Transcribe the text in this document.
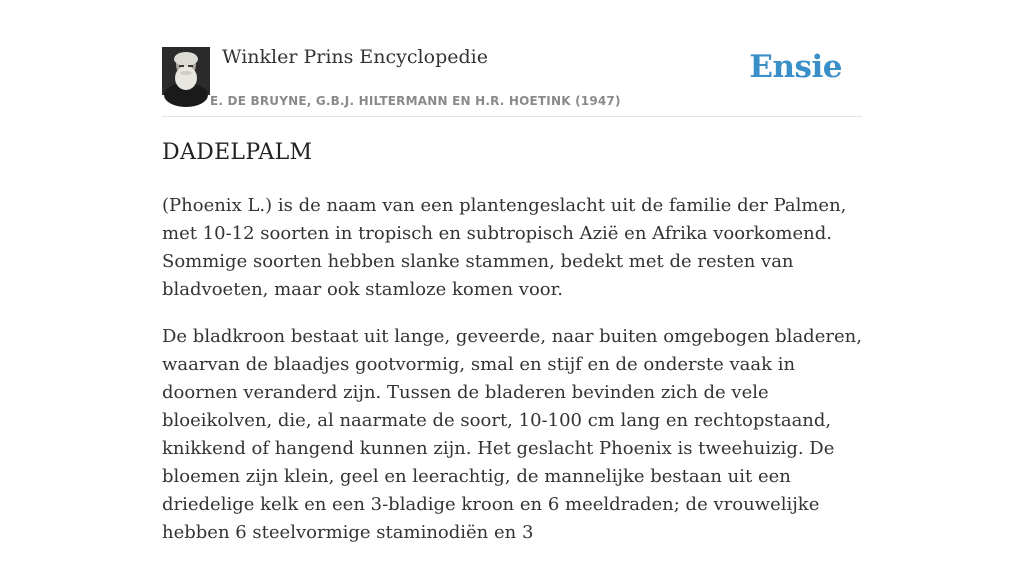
Winkler Prins Encyclopedie
E. DE BRUYNE, G.B.J. HILTERMANN EN H.R. HOETINK (1947)
Ensie
DADELPALM

(Phoenix L.) is de naam van een plantengeslacht uit de familie der Palmen, met 10-12 soorten in tropisch en subtropisch Azië en Afrika voorkomend. Sommige soorten hebben slanke stammen, bedekt met de resten van bladvoeten, maar ook stamloze komen voor.

De bladkroon bestaat uit lange, geveerde, naar buiten omgebogen bladeren, waarvan de blaadjes gootvormig, smal en stijf en de onderste vaak in doornen veranderd zijn. Tussen de bladeren bevinden zich de vele bloeikolven, die, al naarmate de soort, 10-100 cm lang en rechtopstaand, knikkend of hangend kunnen zijn. Het geslacht Phoenix is tweehuizig. De bloemen zijn klein, geel en leerachtig, de mannelijke bestaan uit een driedelige kelk en een 3-bladige kroon en 6 meeldraden; de vrouwelijke hebben 6 steelvormige staminodiën en 3
